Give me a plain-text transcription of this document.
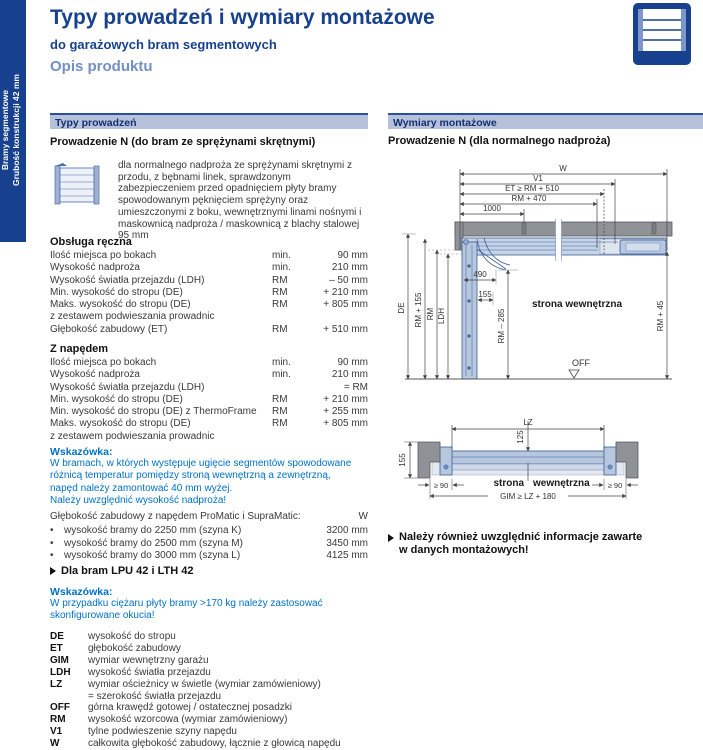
Bramy segmentowe Grubość konstrukcji 42 mm
Typy prowadzeń i wymiary montażowe
do garażowych bram segmentowych
Opis produktu
Typy prowadzeń
Prowadzenie N (do bram ze sprężynami skrętnymi)
dla normalnego nadproża ze sprężynami skrętnymi z przodu, z bębnami linek, sprawdzonym zabezpieczeniem przed opadnięciem płyty bramy spowodowanym pęknięciem sprężyny oraz umieszczonymi z boku, wewnętrznymi linami nośnymi i maskownicą nadproża / maskownicą z blachy stalowej 95 mm
Obsługa ręczna
Ilość miejsca po bokach	min.	90 mm
Wysokość nadproża	min.	210 mm
Wysokość światła przejazdu (LDH)	RM	– 50 mm
Min. wysokość do stropu (DE)	RM	+ 210 mm
Maks. wysokość do stropu (DE)	RM	+ 805 mm
z zestawem podwieszania prowadnic
Głębokość zabudowy (ET)	RM	+ 510 mm
Z napędem
Ilość miejsca po bokach	min.	90 mm
Wysokość nadproża	min.	210 mm
Wysokość światła przejazdu (LDH)	= RM
Min. wysokość do stropu (DE)	RM	+ 210 mm
Min. wysokość do stropu (DE) z ThermoFrame	RM	+ 255 mm
Maks. wysokość do stropu (DE)	RM	+ 805 mm
z zestawem podwieszania prowadnic
Wskazówka:
W bramach, w których występuje ugięcie segmentów spowodowane
różnicą temperatur pomiędzy stroną wewnętrzną a zewnętrzną,
napęd należy zamontować 40 mm wyżej.
Należy uwzględnić wysokość nadproża!
Głębokość zabudowy z napędem ProMatic i SupraMatic:	W
•	wysokość bramy do 2250 mm (szyna K)	3200 mm
•	wysokość bramy do 2500 mm (szyna M)	3450 mm
•	wysokość bramy do 3000 mm (szyna L)	4125 mm
Dla bram LPU 42 i LTH 42
Wskazówka:
W przypadku ciężaru płyty bramy >170 kg należy zastosować
skonfigurowane okucia!
DE	wysokość do stropu
ET	głębokość zabudowy
GIM	wymiar wewnętrzny garażu
LDH	wysokość światła przejazdu
LZ	wymiar ościeżnicy w świetle (wymiar zamówieniowy)
= szerokość światła przejazdu
OFF	górna krawędź gotowej / ostatecznej posadzki
RM	wysokość wzorcowa (wymiar zamówieniowy)
V1	tylne podwieszenie szyny napędu
W	całkowita głębokość zabudowy, łącznie z głowicą napędu
Wymiary montażowe
Prowadzenie N (dla normalnego nadproża)
W
V1
ET ≥ RM + 510
RM + 470
1000
DE RM + 155 RM LDH	RM + 45
RM – 285
490
155
OFF
strona wewnętrzna
LZ
125
155
≥ 90	≥ 90
GIM ≥ LZ + 180
strona wewnętrzna
Należy również uwzględnić informacje zawarte
w danych montażowych!
